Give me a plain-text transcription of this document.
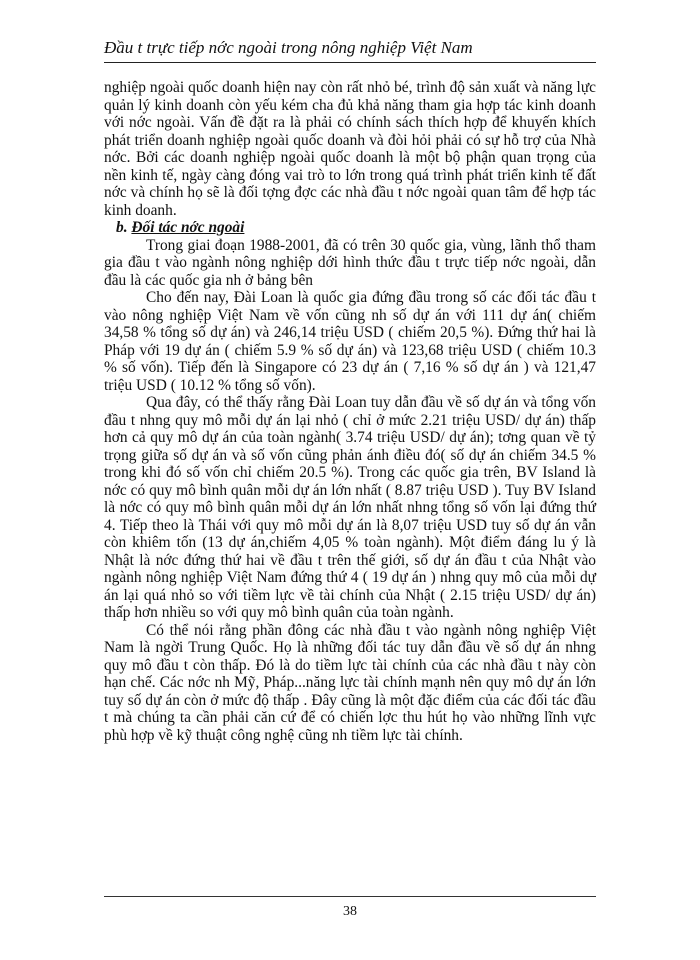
Đầu t trực tiếp nớc ngoài trong nông nghiệp Việt Nam

nghiệp ngoài quốc doanh hiện nay còn rất nhỏ bé, trình độ sản xuất và năng lực quản lý kinh doanh còn yếu kém cha đủ khả năng tham gia hợp tác kinh doanh với nớc ngoài. Vấn đề đặt ra là phải có chính sách thích hợp để khuyến khích phát triển doanh nghiệp ngoài quốc doanh và đòi hỏi phải có sự hỗ trợ của Nhà nớc. Bởi các doanh nghiệp ngoài quốc doanh là một bộ phận quan trọng của nền kinh tế, ngày càng đóng vai trò to lớn trong quá trình phát triển kinh tế đất nớc và chính họ sẽ là đối tợng đợc các nhà đầu t nớc ngoài quan tâm để hợp tác kinh doanh.

b. Đối tác nớc ngoài

Trong giai đoạn 1988-2001, đã có trên 30 quốc gia, vùng, lãnh thổ tham gia đầu t vào ngành nông nghiệp dới hình thức đầu t trực tiếp nớc ngoài, dẫn đầu là các quốc gia nh ở bảng bên

Cho đến nay, Đài Loan là quốc gia đứng đầu trong số các đối tác đầu t vào nông nghiệp Việt Nam về vốn cũng nh số dự án với 111 dự án( chiếm 34,58 % tổng số dự án) và 246,14 triệu USD ( chiếm 20,5 %). Đứng thứ hai là Pháp với 19 dự án ( chiếm 5.9 % số dự án) và 123,68 triệu USD ( chiếm 10.3 % số vốn). Tiếp đến là Singapore có 23 dự án ( 7,16 % số dự án ) và 121,47 triệu USD ( 10.12 % tổng số vốn).

Qua đây, có thể thấy rằng Đài Loan tuy dẫn đầu về số dự án và tổng vốn đầu t nhng quy mô mỗi dự án lại nhỏ ( chỉ ở mức 2.21 triệu USD/ dự án) thấp hơn cả quy mô dự án của toàn ngành( 3.74 triệu USD/ dự án); tơng quan về tỷ trọng giữa số dự án và số vốn cũng phản ánh điều đó( số dự án chiếm 34.5 % trong khi đó số vốn chỉ chiếm 20.5 %). Trong các quốc gia trên, BV Island là nớc có quy mô bình quân mỗi dự án lớn nhất ( 8.87 triệu USD ). Tuy BV Island là nớc có quy mô bình quân mỗi dự án lớn nhất nhng tổng số vốn lại đứng thứ 4. Tiếp theo là Thái với quy mô mỗi dự án là 8,07 triệu USD tuy số dự án vẫn còn khiêm tốn (13 dự án,chiếm 4,05 % toàn ngành). Một điểm đáng lu ý là Nhật là nớc đứng thứ hai về đầu t trên thế giới, số dự án đầu t của Nhật vào ngành nông nghiệp Việt Nam đứng thứ 4 ( 19 dự án ) nhng quy mô của mỗi dự án lại quá nhỏ so với tiềm lực về tài chính của Nhật ( 2.15 triệu USD/ dự án) thấp hơn nhiều so với quy mô bình quân của toàn ngành.

Có thể nói rằng phần đông các nhà đầu t vào ngành nông nghiệp Việt Nam là ngời Trung Quốc. Họ là những đối tác tuy dẫn đầu về số dự án nhng quy mô đầu t còn thấp. Đó là do tiềm lực tài chính của các nhà đầu t này còn hạn chế. Các nớc nh Mỹ, Pháp...năng lực tài chính mạnh nên quy mô dự án lớn tuy số dự án còn ở mức độ thấp . Đây cũng là một đặc điểm của các đối tác đầu t mà chúng ta cần phải căn cứ để có chiến lợc thu hút họ vào những lĩnh vực phù hợp về kỹ thuật công nghệ cũng nh tiềm lực tài chính.

38
